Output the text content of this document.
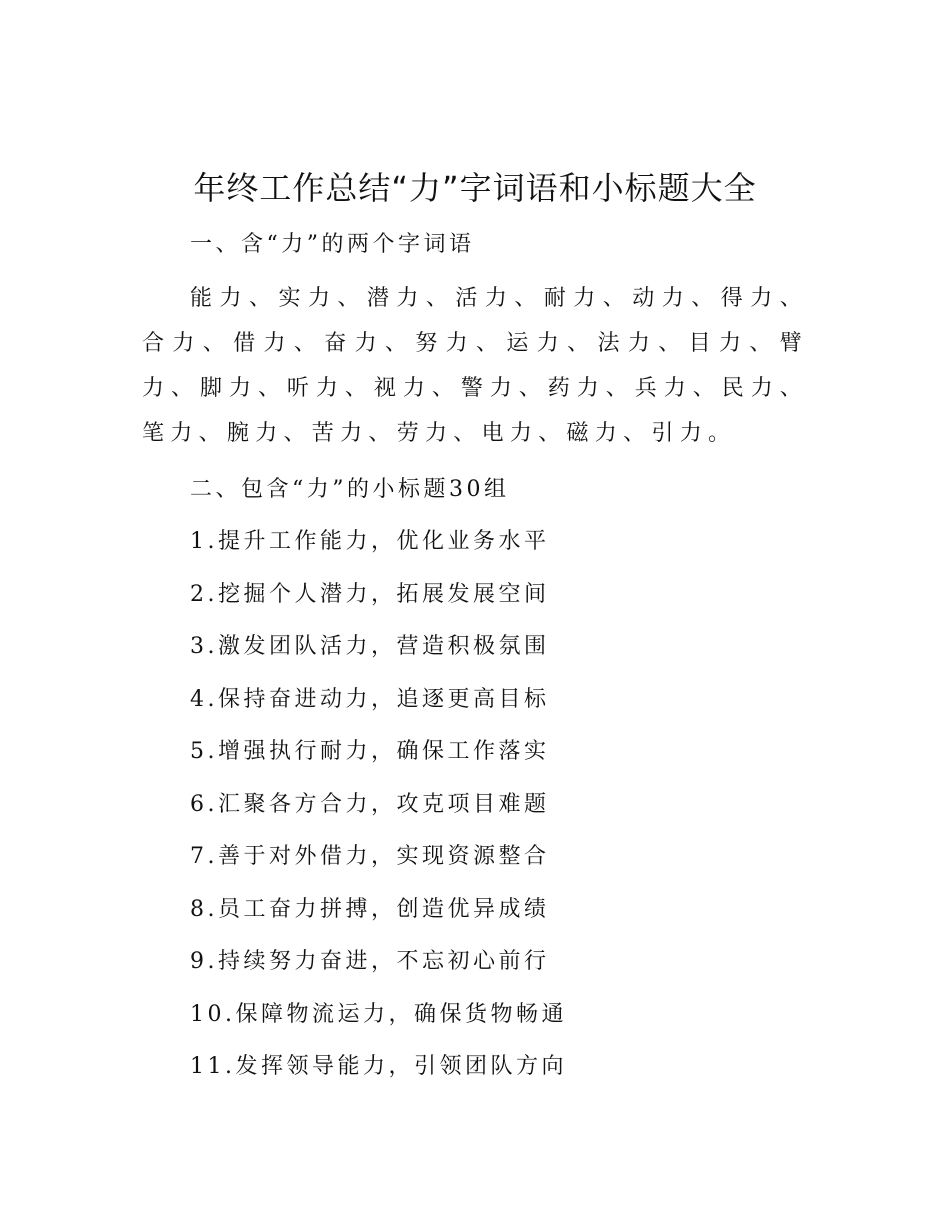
年终工作总结“力”字词语和小标题大全

一、含“力”的两个字词语

能力、实力、潜力、活力、耐力、动力、得力、合力、借力、奋力、努力、运力、法力、目力、臂力、脚力、听力、视力、警力、药力、兵力、民力、笔力、腕力、苦力、劳力、电力、磁力、引力。

二、包含“力”的小标题30组

1.提升工作能力，优化业务水平
2.挖掘个人潜力，拓展发展空间
3.激发团队活力，营造积极氛围
4.保持奋进动力，追逐更高目标
5.增强执行耐力，确保工作落实
6.汇聚各方合力，攻克项目难题
7.善于对外借力，实现资源整合
8.员工奋力拼搏，创造优异成绩
9.持续努力奋进，不忘初心前行
10.保障物流运力，确保货物畅通
11.发挥领导能力，引领团队方向
